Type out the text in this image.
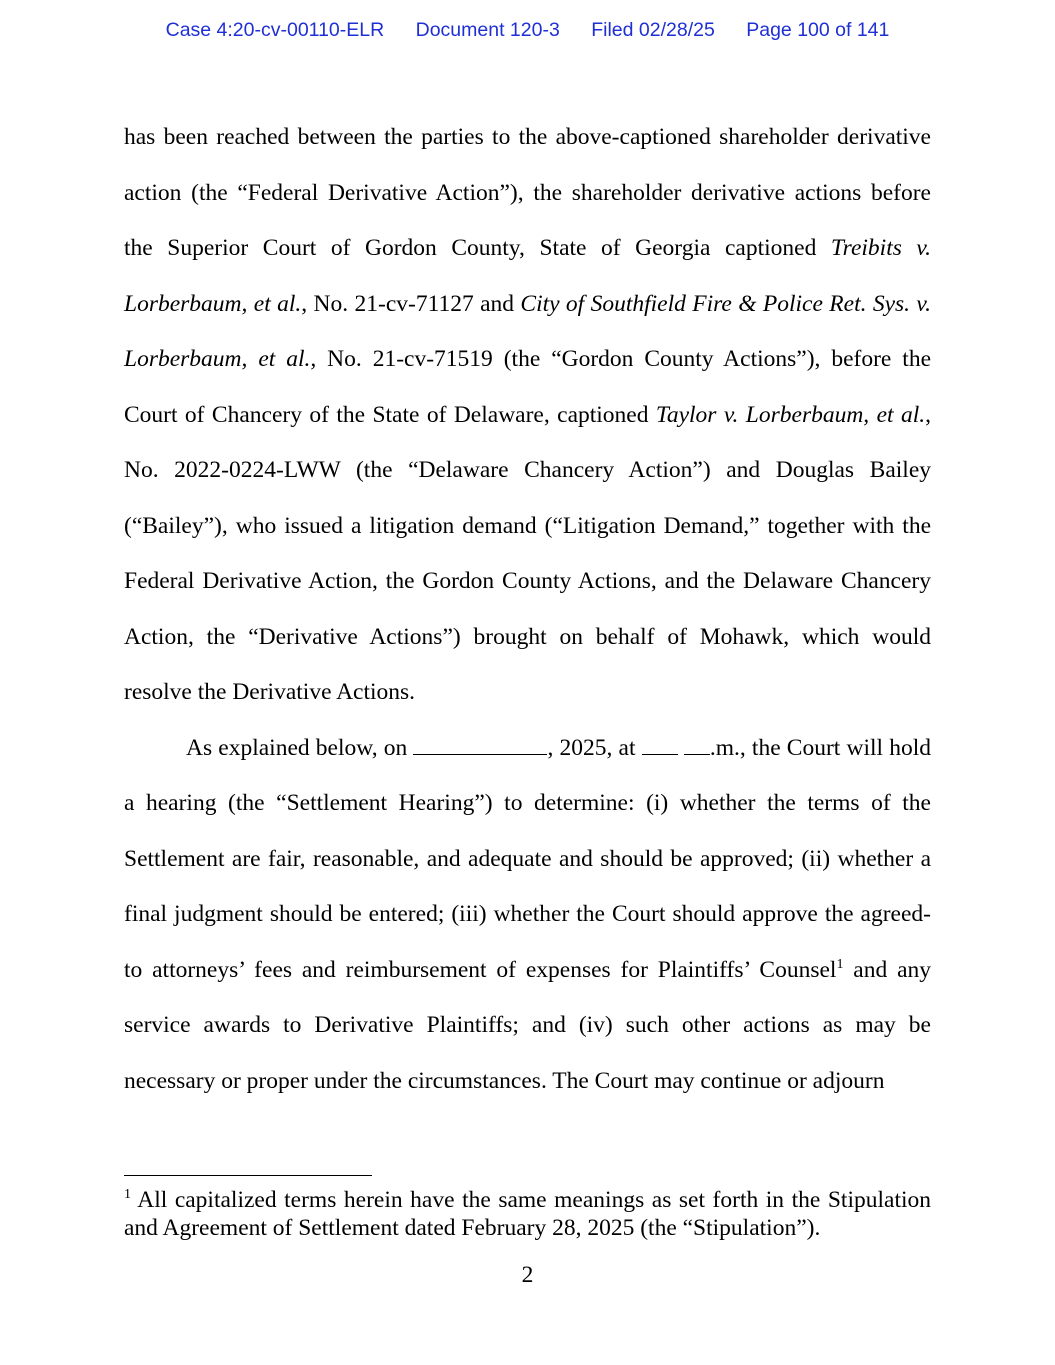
Case 4:20-cv-00110-ELR Document 120-3 Filed 02/28/25 Page 100 of 141

has been reached between the parties to the above-captioned shareholder derivative action (the “Federal Derivative Action”), the shareholder derivative actions before the Superior Court of Gordon County, State of Georgia captioned Treibits v. Lorberbaum, et al., No. 21-cv-71127 and City of Southfield Fire & Police Ret. Sys. v. Lorberbaum, et al., No. 21-cv-71519 (the “Gordon County Actions”), before the Court of Chancery of the State of Delaware, captioned Taylor v. Lorberbaum, et al., No. 2022-0224-LWW (the “Delaware Chancery Action”) and Douglas Bailey (“Bailey”), who issued a litigation demand (“Litigation Demand,” together with the Federal Derivative Action, the Gordon County Actions, and the Delaware Chancery Action, the “Derivative Actions”) brought on behalf of Mohawk, which would resolve the Derivative Actions.

As explained below, on	, 2025, at	.m., the Court will hold a hearing (the “Settlement Hearing”) to determine: (i) whether the terms of the Settlement are fair, reasonable, and adequate and should be approved; (ii) whether a final judgment should be entered; (iii) whether the Court should approve the agreed-to attorneys’ fees and reimbursement of expenses for Plaintiffs’ Counsel$^1$ and any service awards to Derivative Plaintiffs; and (iv) such other actions as may be necessary or proper under the circumstances. The Court may continue or adjourn

$^1$ All capitalized terms herein have the same meanings as set forth in the Stipulation and Agreement of Settlement dated February 28, 2025 (the “Stipulation”).

2
